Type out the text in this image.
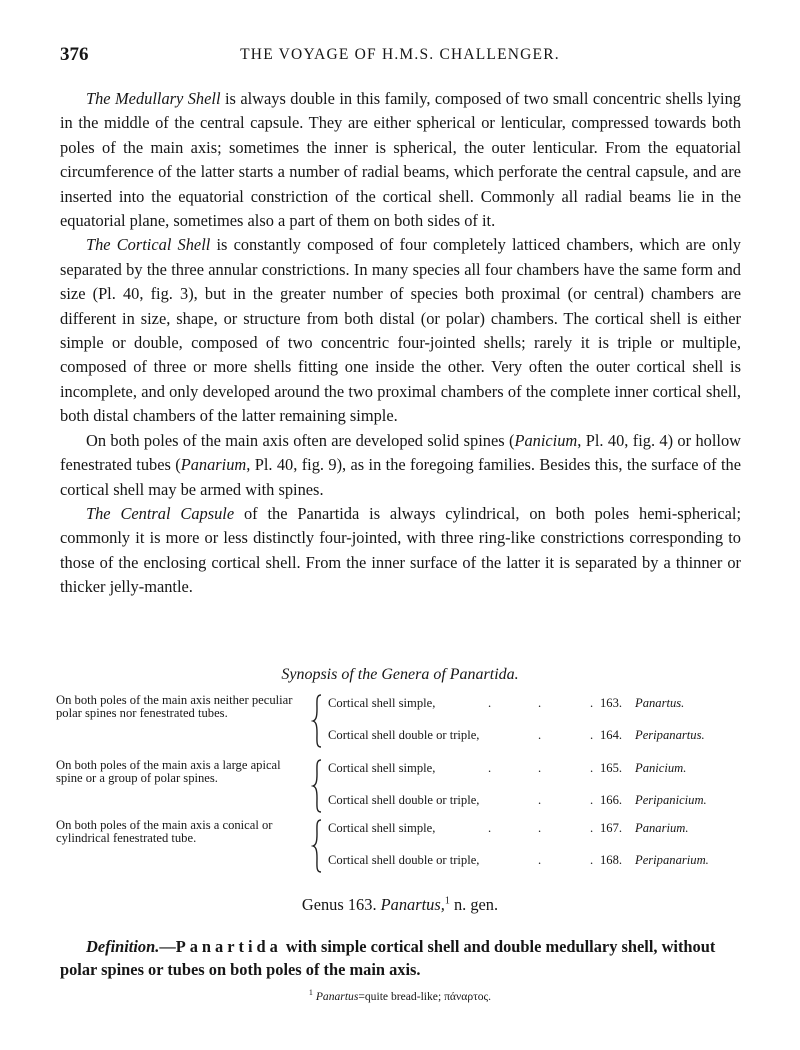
376	THE VOYAGE OF H.M.S. CHALLENGER.

The Medullary Shell is always double in this family, composed of two small concentric shells lying in the middle of the central capsule. They are either spherical or lenticular, compressed towards both poles of the main axis; sometimes the inner is spherical, the outer lenticular. From the equatorial circumference of the latter starts a number of radial beams, which perforate the central capsule, and are inserted into the equatorial constriction of the cortical shell. Commonly all radial beams lie in the equatorial plane, sometimes also a part of them on both sides of it.

The Cortical Shell is constantly composed of four completely latticed chambers, which are only separated by the three annular constrictions. In many species all four chambers have the same form and size (Pl. 40, fig. 3), but in the greater number of species both proximal (or central) chambers are different in size, shape, or structure from both distal (or polar) chambers. The cortical shell is either simple or double, composed of two concentric four-jointed shells; rarely it is triple or multiple, composed of three or more shells fitting one inside the other. Very often the outer cortical shell is incomplete, and only developed around the two proximal chambers of the complete inner cortical shell, both distal chambers of the latter remaining simple.

On both poles of the main axis often are developed solid spines (Panicium, Pl. 40, fig. 4) or hollow fenestrated tubes (Panarium, Pl. 40, fig. 9), as in the foregoing families. Besides this, the surface of the cortical shell may be armed with spines.

The Central Capsule of the Panartida is always cylindrical, on both poles hemi-spherical; commonly it is more or less distinctly four-jointed, with three ring-like constrictions corresponding to those of the enclosing cortical shell. From the inner surface of the latter it is separated by a thinner or thicker jelly-mantle.

Synopsis of the Genera of Panartida.
On both poles of the main axis neither peculiar polar spines nor fenestrated tubes.
Cortical shell simple,	.	.	. 163. Panartus.
Cortical shell double or triple,	.	. 164. Peripanartus.
On both poles of the main axis a large apical spine or a group of polar spines.
Cortical shell simple,	.	.	. 165. Panicium.
Cortical shell double or triple,	.	. 166. Peripanicium.
On both poles of the main axis a conical or cylindrical fenestrated tube.
Cortical shell simple,	.	.	. 167. Panarium.
Cortical shell double or triple,	.	. 168. Peripanarium.
Genus 163. Panartus,$^1$ n. gen.

Definition.—Panartida with simple cortical shell and double medullary shell, without polar spines or tubes on both poles of the main axis.

$^1$ Panartus=quite bread-like; πάναρτος.
